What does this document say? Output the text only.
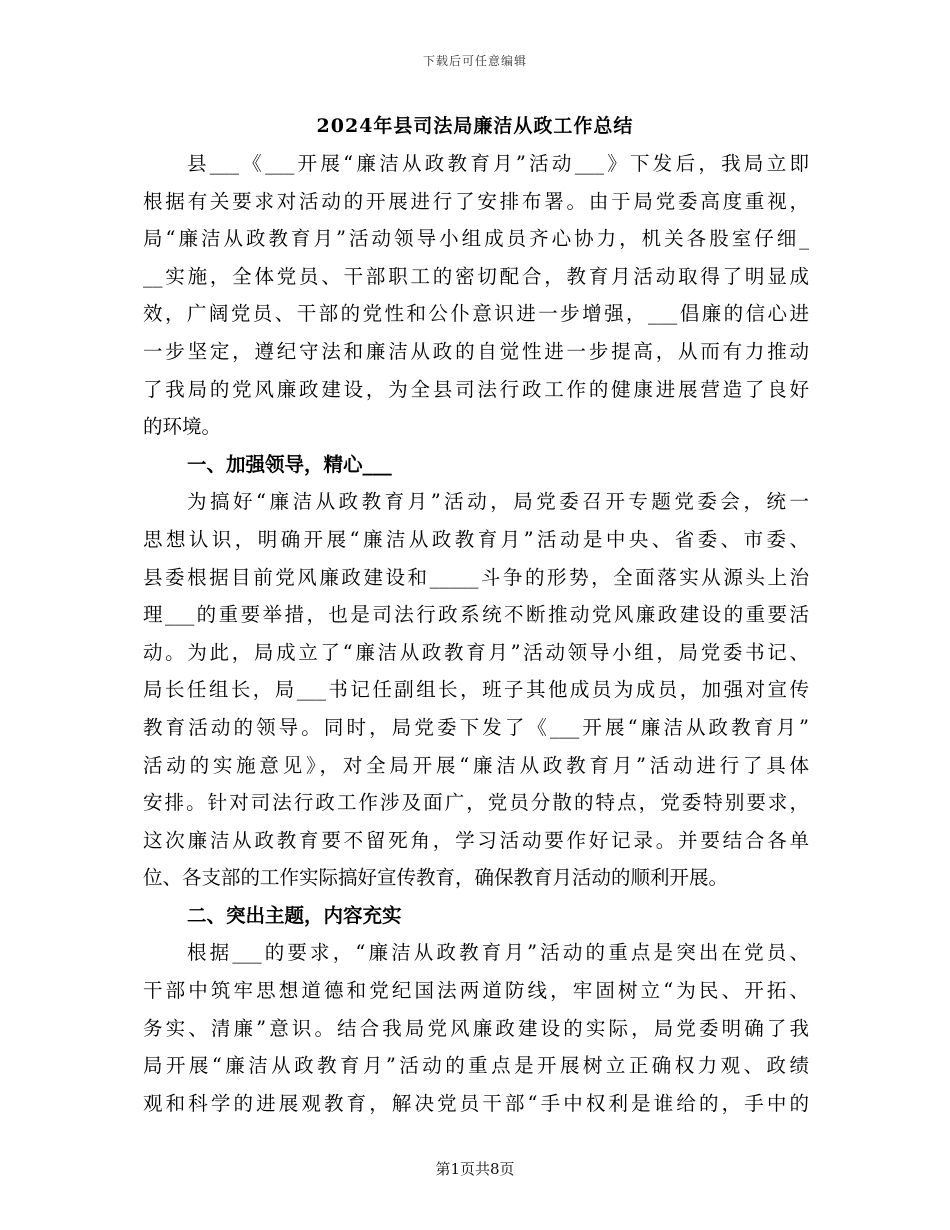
下载后可任意编辑
2024年县司法局廉洁从政工作总结
县___《___开展“廉洁从政教育月”活动___》下发后，我局立即
根据有关要求对活动的开展进行了安排布署。由于局党委高度重视，
局“廉洁从政教育月”活动领导小组成员齐心协力，机关各股室仔细_
__实施，全体党员、干部职工的密切配合，教育月活动取得了明显成
效，广阔党员、干部的党性和公仆意识进一步增强，___倡廉的信心进
一步坚定，遵纪守法和廉洁从政的自觉性进一步提高，从而有力推动
了我局的党风廉政建设，为全县司法行政工作的健康进展营造了良好
的环境。
一、加强领导，精心___
为搞好“廉洁从政教育月”活动，局党委召开专题党委会，统一
思想认识，明确开展“廉洁从政教育月”活动是中央、省委、市委、
县委根据目前党风廉政建设和_____斗争的形势，全面落实从源头上治
理___的重要举措，也是司法行政系统不断推动党风廉政建设的重要活
动。为此，局成立了“廉洁从政教育月”活动领导小组，局党委书记、
局长任组长，局___书记任副组长，班子其他成员为成员，加强对宣传
教育活动的领导。同时，局党委下发了《___开展“廉洁从政教育月”
活动的实施意见》，对全局开展“廉洁从政教育月”活动进行了具体
安排。针对司法行政工作涉及面广，党员分散的特点，党委特别要求，
这次廉洁从政教育要不留死角，学习活动要作好记录。并要结合各单
位、各支部的工作实际搞好宣传教育，确保教育月活动的顺利开展。
二、突出主题，内容充实
根据___的要求，“廉洁从政教育月”活动的重点是突出在党员、
干部中筑牢思想道德和党纪国法两道防线，牢固树立“为民、开拓、
务实、清廉”意识。结合我局党风廉政建设的实际，局党委明确了我
局开展“廉洁从政教育月”活动的重点是开展树立正确权力观、政绩
观和科学的进展观教育，解决党员干部“手中权利是谁给的，手中的
第1页共8页
